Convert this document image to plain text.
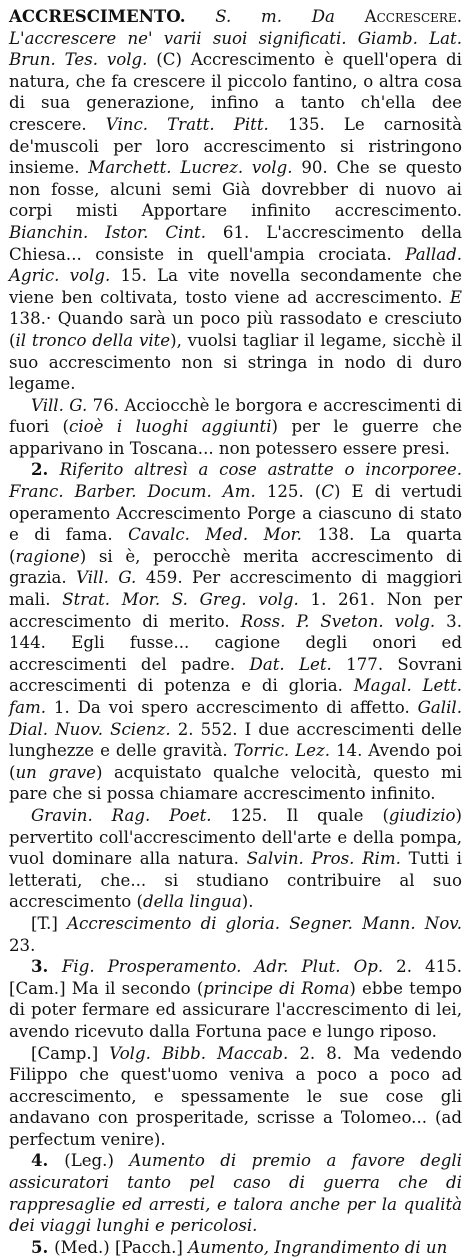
ACCRESCIMENTO. S. m. Da Accrescere. L'accrescere ne' varii suoi significati. Giamb. Lat. Brun. Tes. volg. (C) Accrescimento è quell'opera di natura, che fa crescere il piccolo fantino, o altra cosa di sua generazione, infino a tanto ch'ella dee crescere. Vinc. Tratt. Pitt. 135. Le carnosità de'muscoli per loro accrescimento si ristringono insieme. Marchett. Lucrez. volg. 90. Che se questo non fosse, alcuni semi Già dovrebber di nuovo ai corpi misti Apportare infinito accrescimento. Bianchin. Istor. Cint. 61. L'accrescimento della Chiesa... consiste in quell'ampia crociata. Pallad. Agric. volg. 15. La vite novella secondamente che viene ben coltivata, tosto viene ad accrescimento. E 138.· Quando sarà un poco più rassodato e cresciuto (il tronco della vite), vuolsi tagliar il legame, sicchè il suo accrescimento non si stringa in nodo di duro legame.

Vill. G. 76. Acciocchè le borgora e accrescimenti di fuori (cioè i luoghi aggiunti) per le guerre che apparivano in Toscana... non potessero essere presi.

2. Riferito altresì a cose astratte o incorporee. Franc. Barber. Docum. Am. 125. (C) E di vertudi operamento Accrescimento Porge a ciascuno di stato e di fama. Cavalc. Med. Mor. 138. La quarta (ragione) si è, perocchè merita accrescimento di grazia. Vill. G. 459. Per accrescimento di maggiori mali. Strat. Mor. S. Greg. volg. 1. 261. Non per accrescimento di merito. Ross. P. Sveton. volg. 3. 144. Egli fusse... cagione degli onori ed accrescimenti del padre. Dat. Let. 177. Sovrani accrescimenti di potenza e di gloria. Magal. Lett. fam. 1. Da voi spero accrescimento di affetto. Galil. Dial. Nuov. Scienz. 2. 552. I due accrescimenti delle lunghezze e delle gravità. Torric. Lez. 14. Avendo poi (un grave) acquistato qualche velocità, questo mi pare che si possa chiamare accrescimento infinito.

Gravin. Rag. Poet. 125. Il quale (giudizio) pervertito coll'accrescimento dell'arte e della pompa, vuol dominare alla natura. Salvin. Pros. Rim. Tutti i letterati, che... si studiano contribuire al suo accrescimento (della lingua).

[T.] Accrescimento di gloria. Segner. Mann. Nov. 23.

3. Fig. Prosperamento. Adr. Plut. Op. 2. 415. [Cam.] Ma il secondo (principe di Roma) ebbe tempo di poter fermare ed assicurare l'accrescimento di lei, avendo ricevuto dalla Fortuna pace e lungo riposo.

[Camp.] Volg. Bibb. Maccab. 2. 8. Ma vedendo Filippo che quest'uomo veniva a poco a poco ad accrescimento, e spessamente le sue cose gli andavano con prosperitade, scrisse a Tolomeo... (ad perfectum venire).

4. (Leg.) Aumento di premio a favore degli assicuratori tanto pel caso di guerra che di rappresaglie ed arresti, e talora anche per la qualità dei viaggi lunghi e pericolosi.

5. (Med.) [Pacch.] Aumento, Ingrandimento di un
